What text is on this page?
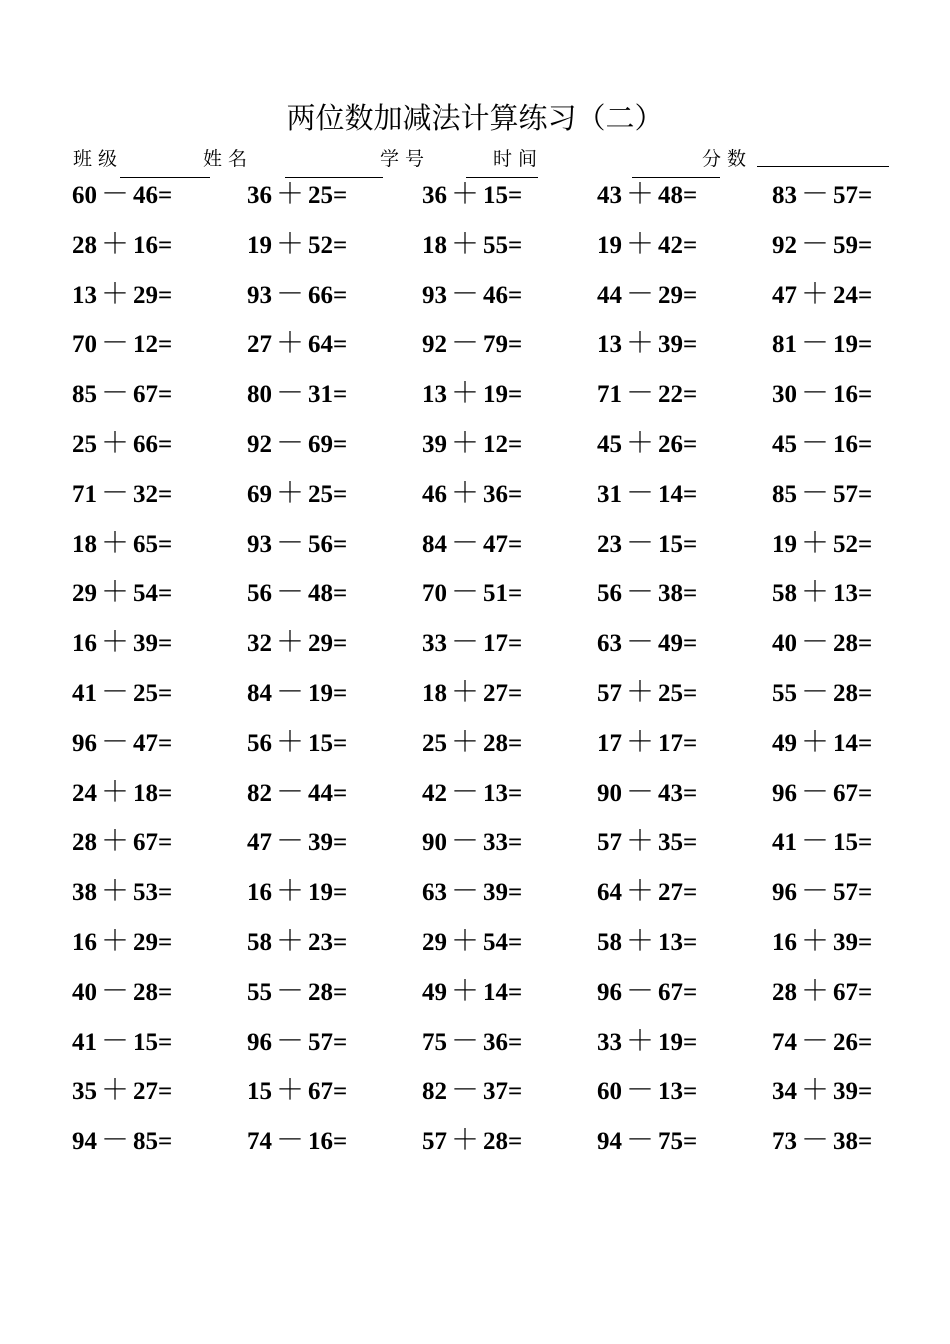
两位数加减法计算练习（二）
班级	姓名	学号	时间	分数
60 － 46=	36 ＋ 25=	36 ＋ 15=	43 ＋ 48=	83 － 57=
28 ＋ 16=	19 ＋ 52=	18 ＋ 55=	19 ＋ 42=	92 － 59=
13 ＋ 29=	93 － 66=	93 － 46=	44 － 29=	47 ＋ 24=
70 － 12=	27 ＋ 64=	92 － 79=	13 ＋ 39=	81 － 19=
85 － 67=	80 － 31=	13 ＋ 19=	71 － 22=	30 － 16=
25 ＋ 66=	92 － 69=	39 ＋ 12=	45 ＋ 26=	45 － 16=
71 － 32=	69 ＋ 25=	46 ＋ 36=	31 － 14=	85 － 57=
18 ＋ 65=	93 － 56=	84 － 47=	23 － 15=	19 ＋ 52=
29 ＋ 54=	56 － 48=	70 － 51=	56 － 38=	58 ＋ 13=
16 ＋ 39=	32 ＋ 29=	33 － 17=	63 － 49=	40 － 28=
41 － 25=	84 － 19=	18 ＋ 27=	57 ＋ 25=	55 － 28=
96 － 47=	56 ＋ 15=	25 ＋ 28=	17 ＋ 17=	49 ＋ 14=
24 ＋ 18=	82 － 44=	42 － 13=	90 － 43=	96 － 67=
28 ＋ 67=	47 － 39=	90 － 33=	57 ＋ 35=	41 － 15=
38 ＋ 53=	16 ＋ 19=	63 － 39=	64 ＋ 27=	96 － 57=
16 ＋ 29=	58 ＋ 23=	29 ＋ 54=	58 ＋ 13=	16 ＋ 39=
40 － 28=	55 － 28=	49 ＋ 14=	96 － 67=	28 ＋ 67=
41 － 15=	96 － 57=	75 － 36=	33 ＋ 19=	74 － 26=
35 ＋ 27=	15 ＋ 67=	82 － 37=	60 － 13=	34 ＋ 39=
94 － 85=	74 － 16=	57 ＋ 28=	94 － 75=	73 － 38=
